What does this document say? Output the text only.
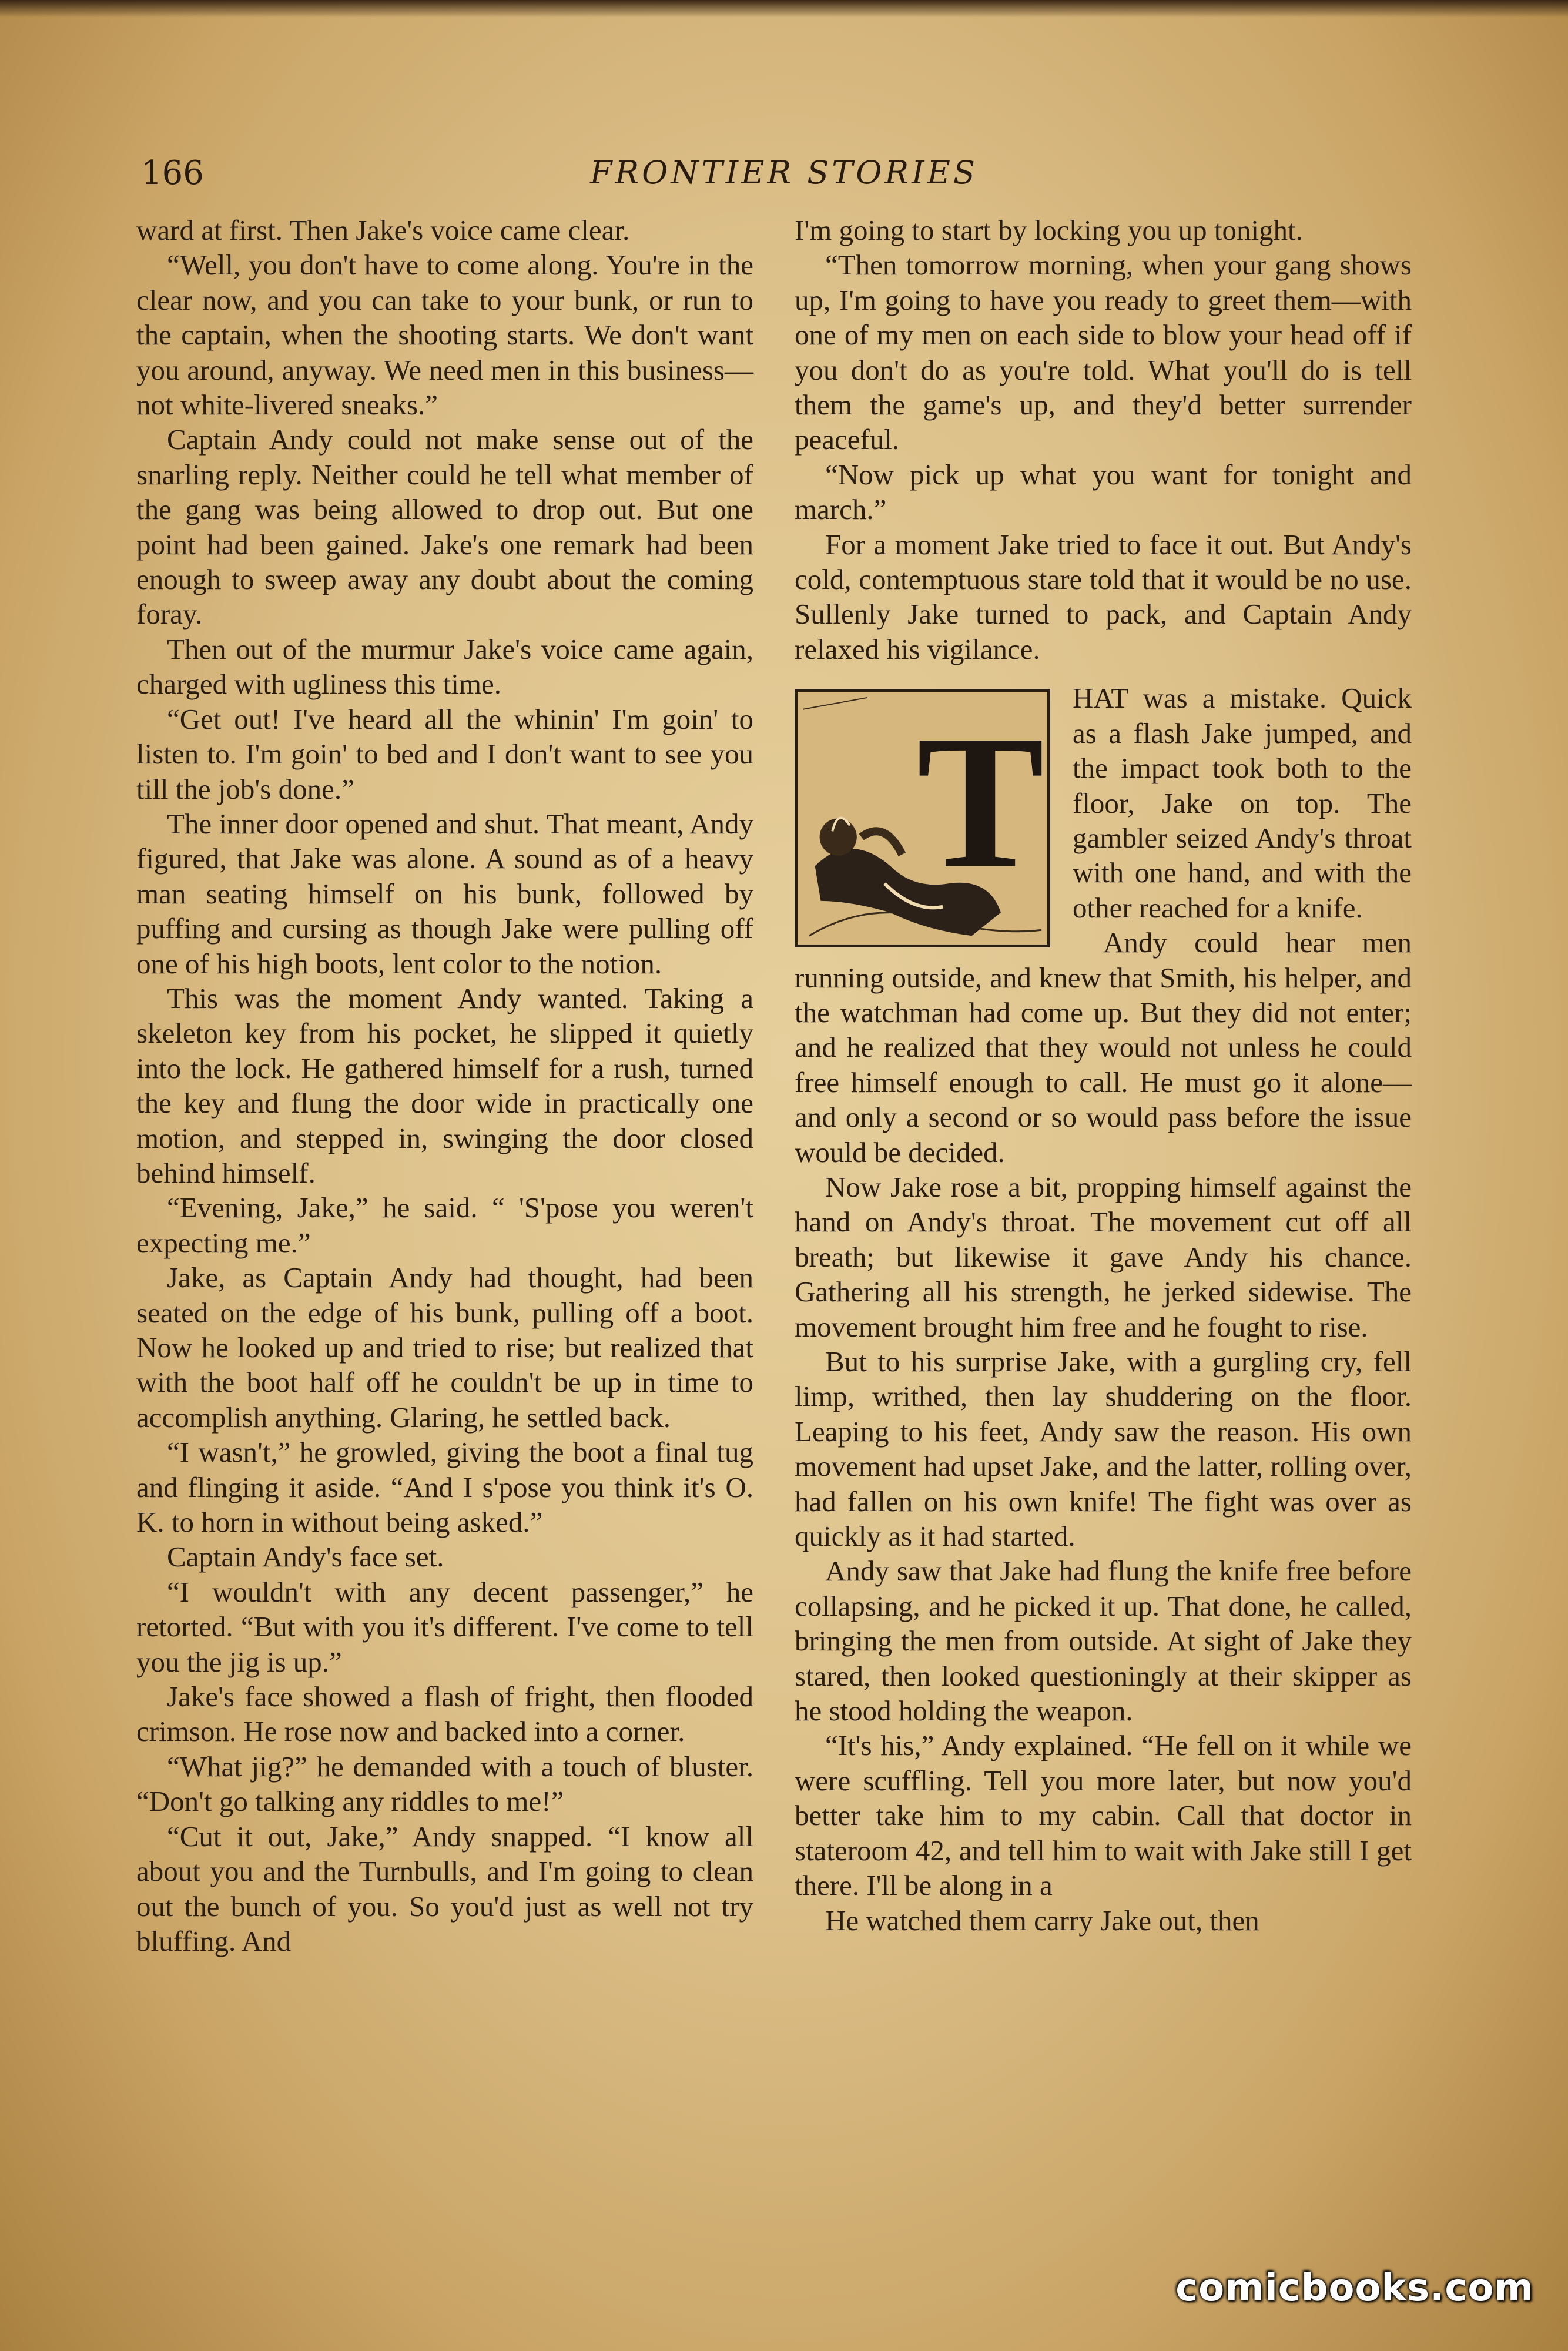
166	FRONTIER STORIES

ward at first. Then Jake's voice came clear.

“Well, you don't have to come along. You're in the clear now, and you can take to your bunk, or run to the captain, when the shooting starts. We don't want you around, anyway. We need men in this business—not white-livered sneaks.”

Captain Andy could not make sense out of the snarling reply. Neither could he tell what member of the gang was being allowed to drop out. But one point had been gained. Jake's one remark had been enough to sweep away any doubt about the coming foray.

Then out of the murmur Jake's voice came again, charged with ugliness this time.

“Get out! I've heard all the whinin' I'm goin' to listen to. I'm goin' to bed and I don't want to see you till the job's done.”

The inner door opened and shut. That meant, Andy figured, that Jake was alone. A sound as of a heavy man seating himself on his bunk, followed by puffing and cursing as though Jake were pulling off one of his high boots, lent color to the notion.

This was the moment Andy wanted. Taking a skeleton key from his pocket, he slipped it quietly into the lock. He gathered himself for a rush, turned the key and flung the door wide in practically one motion, and stepped in, swinging the door closed behind himself.

“Evening, Jake,” he said. “ 'S'pose you weren't expecting me.”

Jake, as Captain Andy had thought, had been seated on the edge of his bunk, pulling off a boot. Now he looked up and tried to rise; but realized that with the boot half off he couldn't be up in time to accomplish anything. Glaring, he settled back.

“I wasn't,” he growled, giving the boot a final tug and flinging it aside. “And I s'pose you think it's O. K. to horn in without being asked.”

Captain Andy's face set.

“I wouldn't with any decent passenger,” he retorted. “But with you it's different. I've come to tell you the jig is up.”

Jake's face showed a flash of fright, then flooded crimson. He rose now and backed into a corner.

“What jig?” he demanded with a touch of bluster. “Don't go talking any riddles to me!”

“Cut it out, Jake,” Andy snapped. “I know all about you and the Turnbulls, and I'm going to clean out the bunch of you. So you'd just as well not try bluffing. And

I'm going to start by locking you up tonight.

“Then tomorrow morning, when your gang shows up, I'm going to have you ready to greet them—with one of my men on each side to blow your head off if you don't do as you're told. What you'll do is tell them the game's up, and they'd better surrender peaceful.

“Now pick up what you want for tonight and march.”

For a moment Jake tried to face it out. But Andy's cold, contemptuous stare told that it would be no use. Sullenly Jake turned to pack, and Captain Andy relaxed his vigilance.

T HAT was a mistake. Quick as a flash Jake jumped, and the impact took both to the floor, Jake on top. The gambler seized Andy's throat with one hand, and with the other reached for a knife.

Andy could hear men running outside, and knew that Smith, his helper, and the watchman had come up. But they did not enter; and he realized that they would not unless he could free himself enough to call. He must go it alone—and only a second or so would pass before the issue would be decided.

Now Jake rose a bit, propping himself against the hand on Andy's throat. The movement cut off all breath; but likewise it gave Andy his chance. Gathering all his strength, he jerked sidewise. The movement brought him free and he fought to rise.

But to his surprise Jake, with a gurgling cry, fell limp, writhed, then lay shuddering on the floor. Leaping to his feet, Andy saw the reason. His own movement had upset Jake, and the latter, rolling over, had fallen on his own knife! The fight was over as quickly as it had started.

Andy saw that Jake had flung the knife free before collapsing, and he picked it up. That done, he called, bringing the men from outside. At sight of Jake they stared, then looked questioningly at their skipper as he stood holding the weapon.

“It's his,” Andy explained. “He fell on it while we were scuffling. Tell you more later, but now you'd better take him to my cabin. Call that doctor in stateroom 42, and tell him to wait with Jake still I get there. I'll be along in a

He watched them carry Jake out, then

comicbooks.com
